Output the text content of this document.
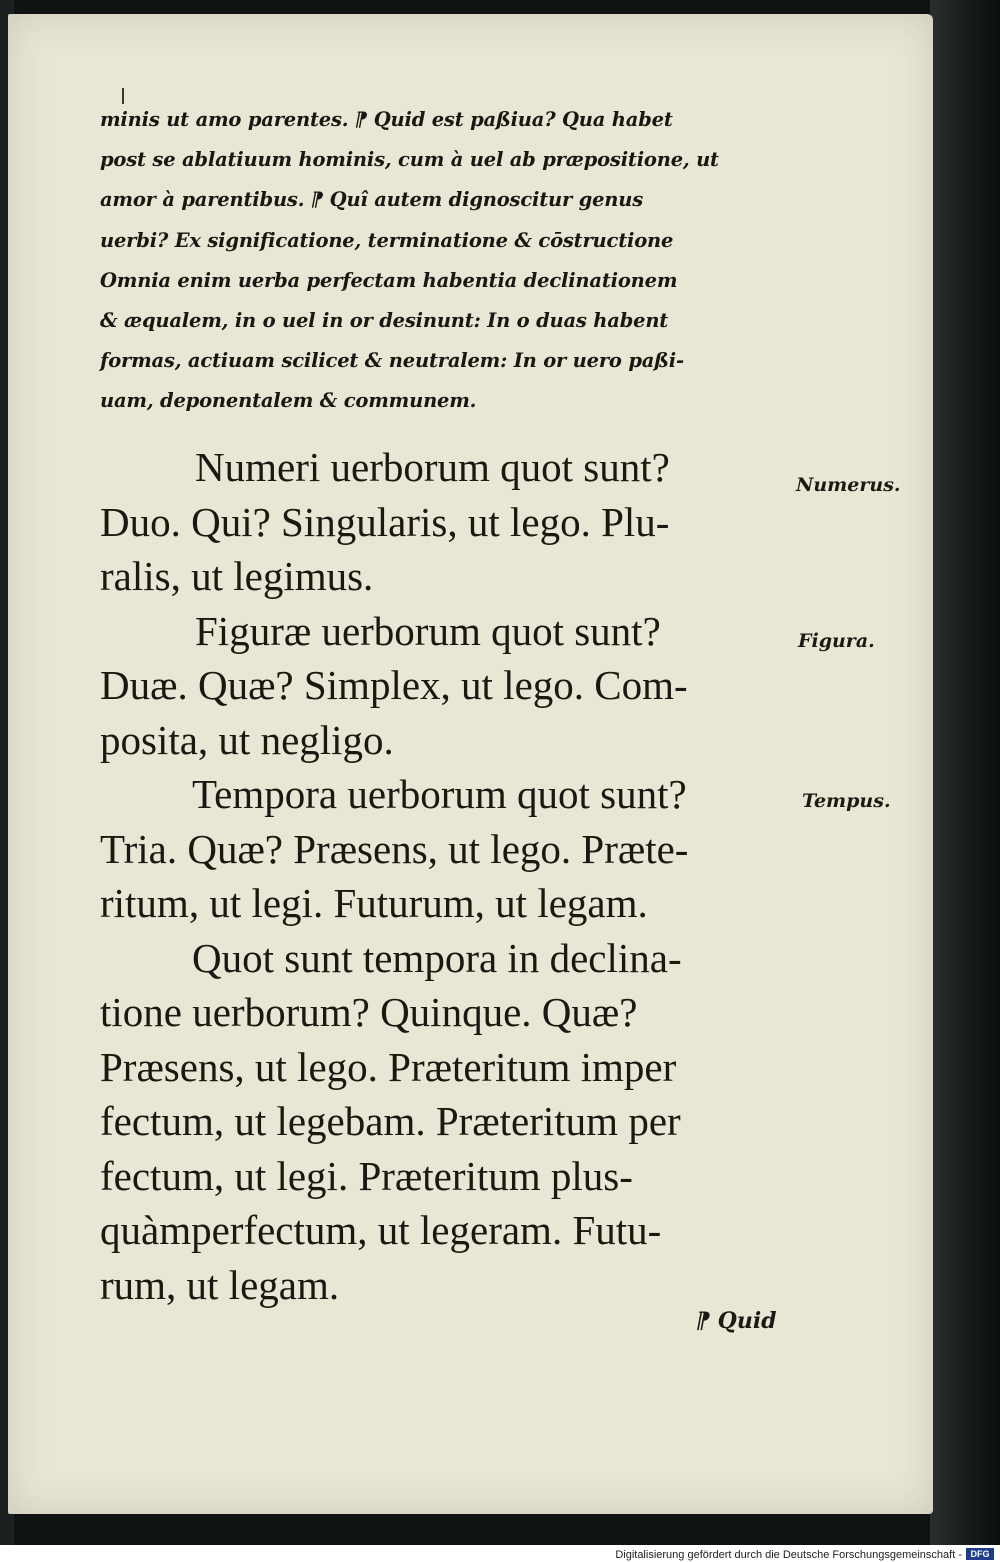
minis ut amo parentes. ⁋ Quid est paßiua? Qua habet

post se ablatiuum hominis, cum à uel ab præpositione, ut

amor à parentibus. ⁋ Quî autem dignoscitur genus

uerbi? Ex significatione, terminatione & cōstructione

Omnia enim uerba perfectam habentia declinationem

& æqualem, in o uel in or desinunt: In o duas habent

formas, actiuam scilicet & neutralem: In or uero paßi-

uam, deponentalem & communem.

Numeri uerborum quot sunt?

Duo. Qui? Singularis, ut lego. Plu-

ralis, ut legimus.

Figuræ uerborum quot sunt?

Duæ. Quæ? Simplex, ut lego. Com-

posita, ut negligo.

Tempora uerborum quot sunt?

Tria. Quæ? Præsens, ut lego. Præte-

ritum, ut legi. Futurum, ut legam.

Quot sunt tempora in declina-

tione uerborum? Quinque. Quæ?

Præsens, ut lego. Præteritum imper

fectum, ut legebam. Præteritum per

fectum, ut legi. Præteritum plus-

quàmperfectum, ut legeram. Futu-

rum, ut legam.

Numerus.
Figura.
Tempus.
⁋ Quid
Digitalisierung gefördert durch die Deutsche Forschungsgemeinschaft - DFG
